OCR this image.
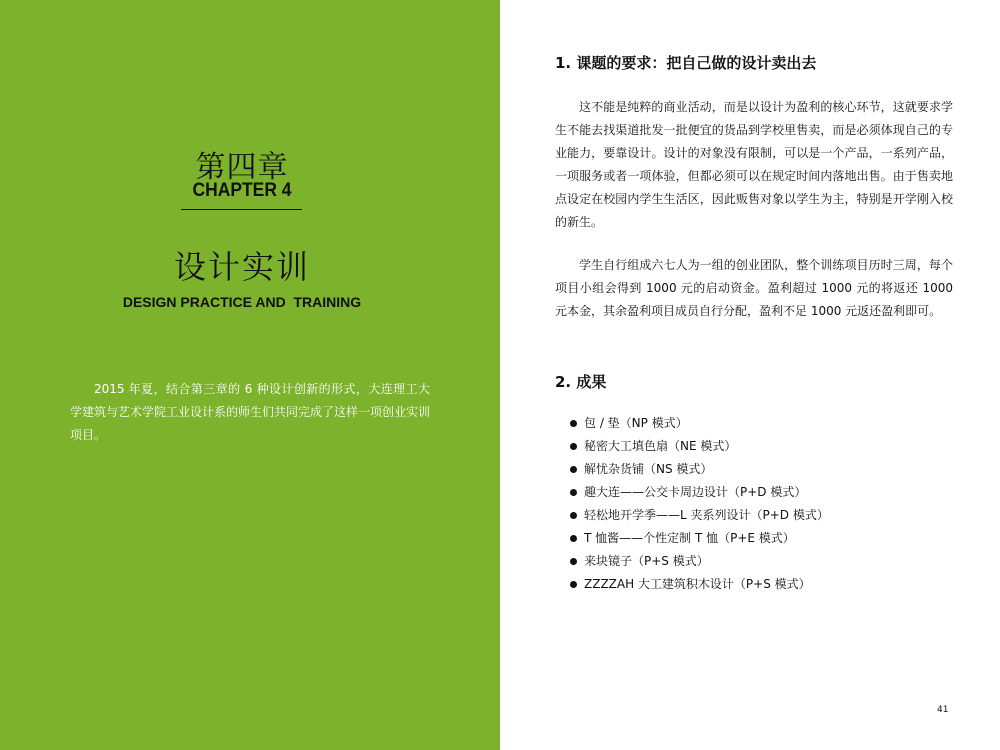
第四章
CHAPTER 4
设计实训
DESIGN PRACTICE AND  TRAINING

2015 年夏，结合第三章的 6 种设计创新的形式，大连理工大学建筑与艺术学院工业设计系的师生们共同完成了这样一项创业实训项目。

1. 课题的要求：把自己做的设计卖出去

这不能是纯粹的商业活动，而是以设计为盈利的核心环节，这就要求学生不能去找渠道批发一批便宜的货品到学校里售卖，而是必须体现自己的专业能力，要靠设计。设计的对象没有限制，可以是一个产品，一系列产品，一项服务或者一项体验，但都必须可以在规定时间内落地出售。由于售卖地点设定在校园内学生生活区，因此贩售对象以学生为主，特别是开学刚入校的新生。

学生自行组成六七人为一组的创业团队，整个训练项目历时三周，每个项目小组会得到 1000 元的启动资金。盈利超过 1000 元的将返还 1000 元本金，其余盈利项目成员自行分配，盈利不足 1000 元返还盈利即可。

2. 成果
包 / 垫（NP 模式）
秘密大工填色扇（NE 模式）
解忧杂货铺（NS 模式）
趣大连——公交卡周边设计（P+D 模式）
轻松地开学季——L 夹系列设计（P+D 模式）
T 恤酱——个性定制 T 恤（P+E 模式）
来块镜子（P+S 模式）
ZZZZAH 大工建筑积木设计（P+S 模式）
41
